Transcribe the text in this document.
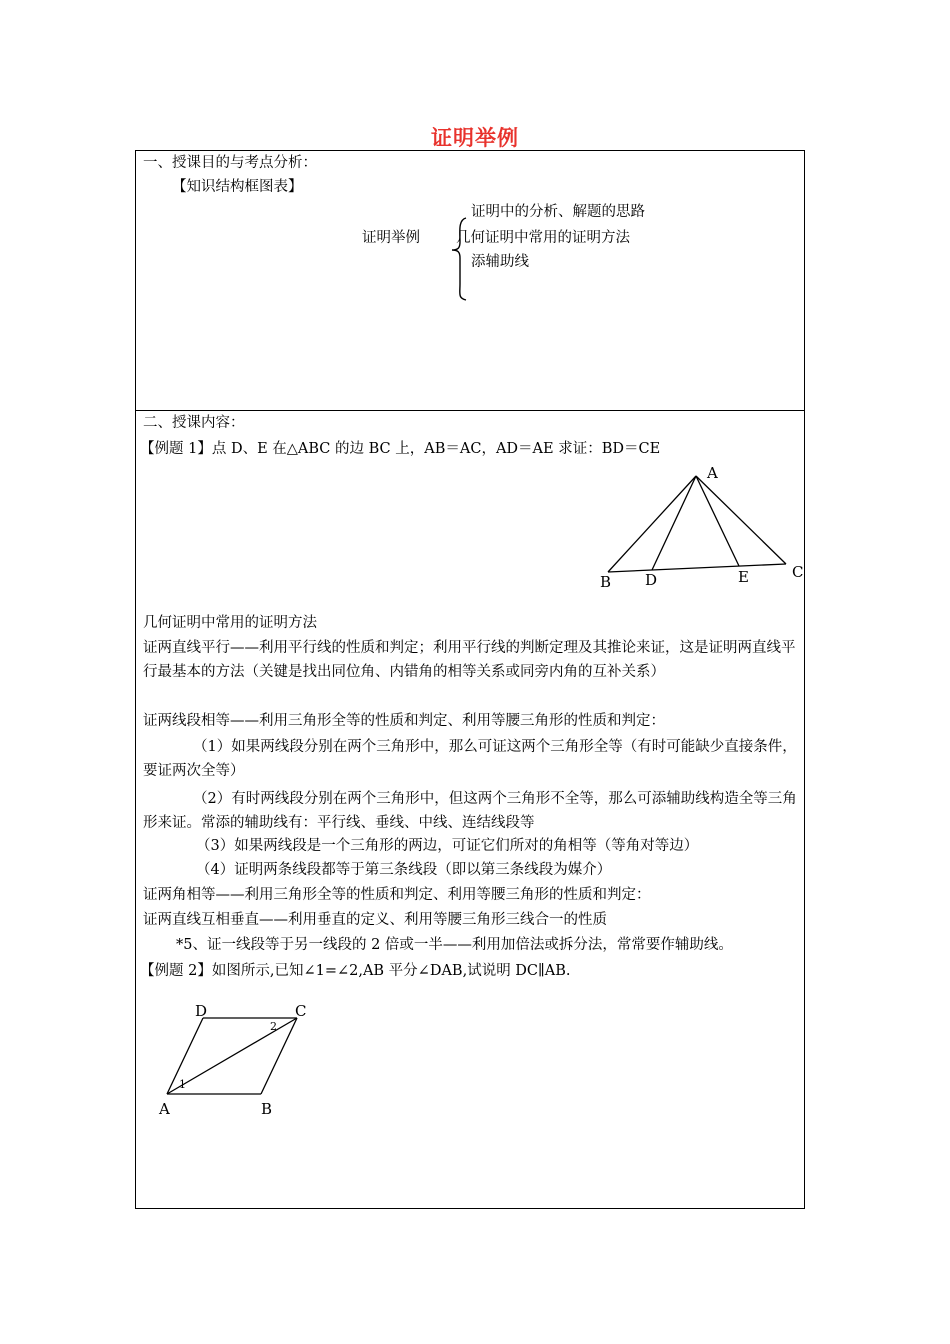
证明举例
一、授课目的与考点分析：
【知识结构框图表】
证明举例
证明中的分析、解题的思路
几何证明中常用的证明方法
添辅助线
二、授课内容：
【例题 1】点 D、E 在△ABC 的边 BC 上，AB＝AC，AD＝AE 求证：BD＝CE
A
B D	E	C
几何证明中常用的证明方法
证两直线平行——利用平行线的性质和判定；利用平行线的判断定理及其推论来证，这是证明两直线平行最基本的方法（关键是找出同位角、内错角的相等关系或同旁内角的互补关系）
证两线段相等——利用三角形全等的性质和判定、利用等腰三角形的性质和判定：
（1）如果两线段分别在两个三角形中，那么可证这两个三角形全等（有时可能缺少直接条件，要证两次全等）
（2）有时两线段分别在两个三角形中，但这两个三角形不全等，那么可添辅助线构造全等三角形来证。常添的辅助线有：平行线、垂线、中线、连结线段等
（3）如果两线段是一个三角形的两边，可证它们所对的角相等（等角对等边）
（4）证明两条线段都等于第三条线段（即以第三条线段为媒介）
证两角相等——利用三角形全等的性质和判定、利用等腰三角形的性质和判定：
证两直线互相垂直——利用垂直的定义、利用等腰三角形三线合一的性质
*5、证一线段等于另一线段的 2 倍或一半——利用加倍法或拆分法，常常要作辅助线。
【例题 2】如图所示,已知∠1=∠2,AB 平分∠DAB,试说明 DC∥AB.
D	C
A	B
1
2
